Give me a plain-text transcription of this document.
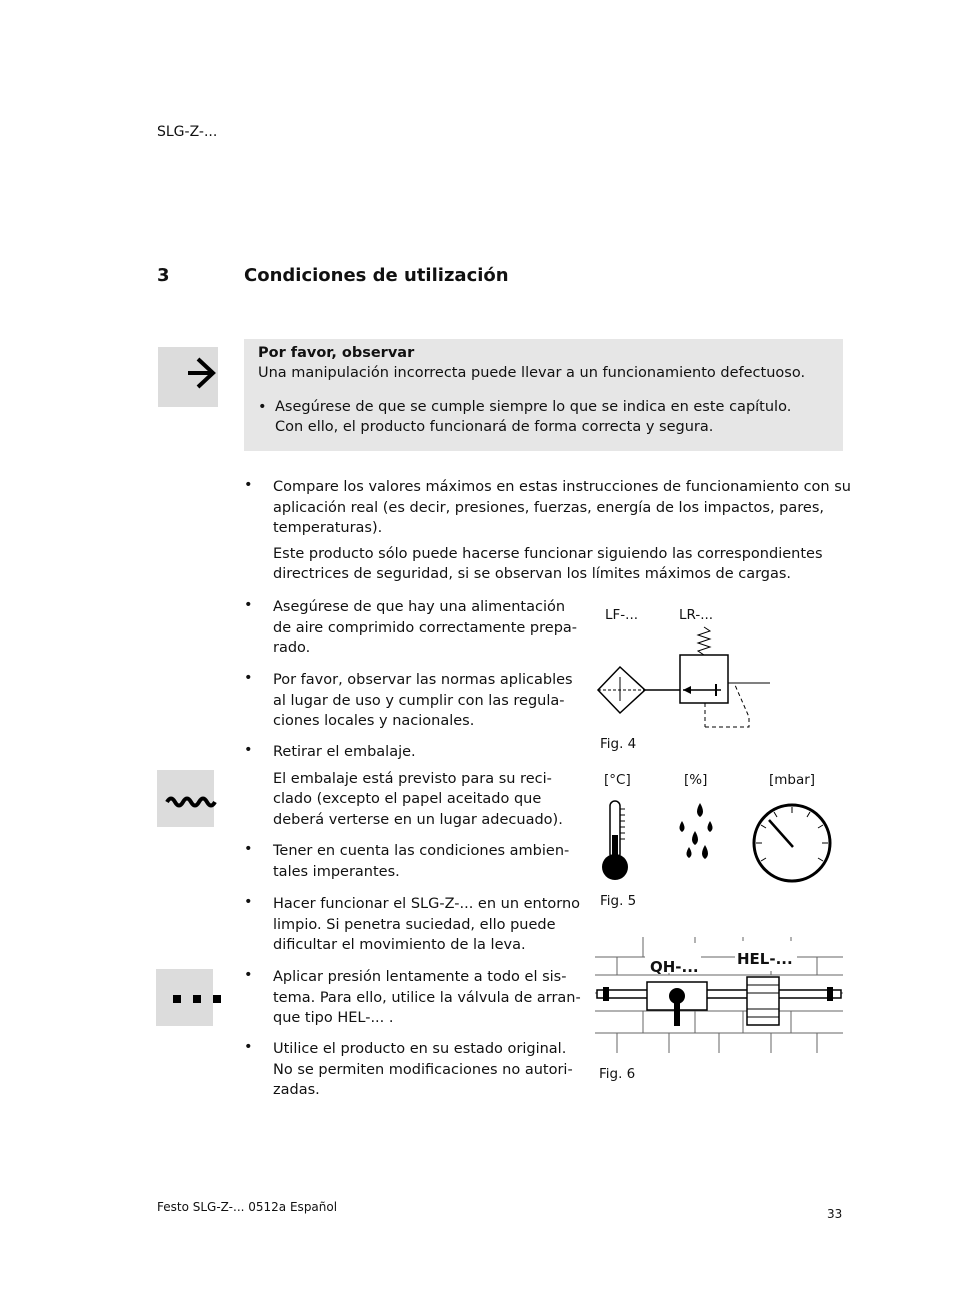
SLG-Z-...
3	Condiciones de utilización
Por favor, observar
Una manipulación incorrecta puede llevar a un funcionamiento defectuoso.
• Asegúrese de que se cumple siempre lo que se indica en este capítulo.
Con ello, el producto funcionará de forma correcta y segura.
• Compare los valores máximos en estas instrucciones de funcionamiento con su
aplicación real (es decir, presiones, fuerzas, energía de los impactos, pares,
temperaturas).
Este producto sólo puede hacerse funcionar siguiendo las correspondientes
directrices de seguridad, si se observan los límites máximos de cargas.
• Asegúrese de que hay una alimentación
de aire comprimido correctamente prepa-
rado.
• Por favor, observar las normas aplicables
al lugar de uso y cumplir con las regula-
ciones locales y nacionales.
• Retirar el embalaje.
El embalaje está previsto para su reci-
clado (excepto el papel aceitado que
deberá verterse en un lugar adecuado).
• Tener en cuenta las condiciones ambien-
tales imperantes.
• Hacer funcionar el SLG-Z-... en un entorno
limpio. Si penetra suciedad, ello puede
dificultar el movimiento de la leva.
• Aplicar presión lentamente a todo el sis-
tema. Para ello, utilice la válvula de arran-
que tipo HEL-... .
• Utilice el producto en su estado original.
No se permiten modificaciones no autori-
zadas.
LF-...	LR-...
Fig. 4
[°C]	[%]	[mbar]
Fig. 5
QH-...	HEL-...
Fig. 6
Festo SLG-Z-... 0512a Español	33
